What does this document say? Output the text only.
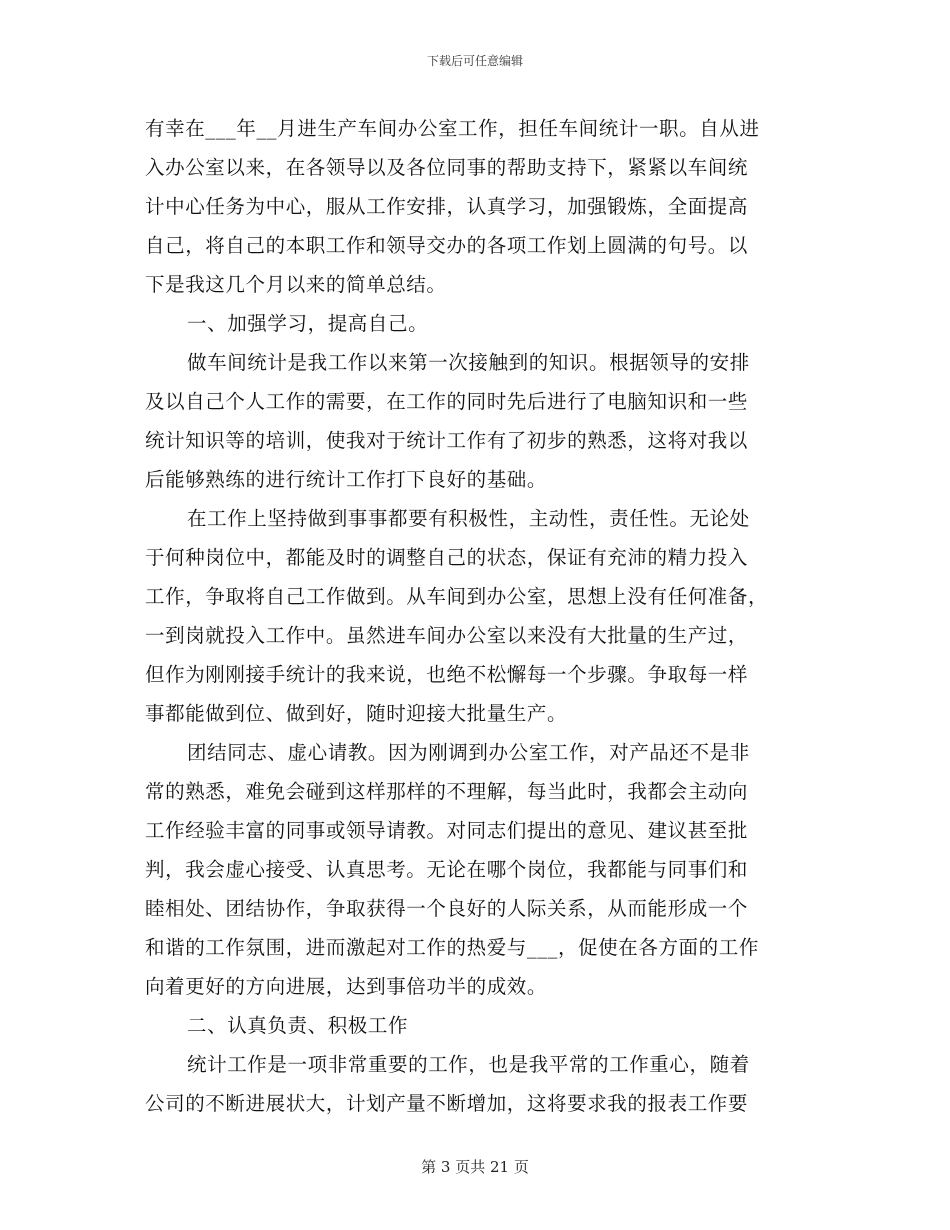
下载后可任意编辑
有幸在___年__月进生产车间办公室工作，担任车间统计一职。自从进
入办公室以来，在各领导以及各位同事的帮助支持下，紧紧以车间统
计中心任务为中心，服从工作安排，认真学习，加强锻炼，全面提高
自己，将自己的本职工作和领导交办的各项工作划上圆满的句号。以
下是我这几个月以来的简单总结。
一、加强学习，提高自己。
做车间统计是我工作以来第一次接触到的知识。根据领导的安排
及以自己个人工作的需要，在工作的同时先后进行了电脑知识和一些
统计知识等的培训，使我对于统计工作有了初步的熟悉，这将对我以
后能够熟练的进行统计工作打下良好的基础。
在工作上坚持做到事事都要有积极性，主动性，责任性。无论处
于何种岗位中，都能及时的调整自己的状态，保证有充沛的精力投入
工作，争取将自己工作做到。从车间到办公室，思想上没有任何准备，
一到岗就投入工作中。虽然进车间办公室以来没有大批量的生产过，
但作为刚刚接手统计的我来说，也绝不松懈每一个步骤。争取每一样
事都能做到位、做到好，随时迎接大批量生产。
团结同志、虚心请教。因为刚调到办公室工作，对产品还不是非
常的熟悉，难免会碰到这样那样的不理解，每当此时，我都会主动向
工作经验丰富的同事或领导请教。对同志们提出的意见、建议甚至批
判，我会虚心接受、认真思考。无论在哪个岗位，我都能与同事们和
睦相处、团结协作，争取获得一个良好的人际关系，从而能形成一个
和谐的工作氛围，进而激起对工作的热爱与___，促使在各方面的工作
向着更好的方向进展，达到事倍功半的成效。
二、认真负责、积极工作
统计工作是一项非常重要的工作，也是我平常的工作重心，随着
公司的不断进展状大，计划产量不断增加，这将要求我的报表工作要
第 3 页共 21 页
